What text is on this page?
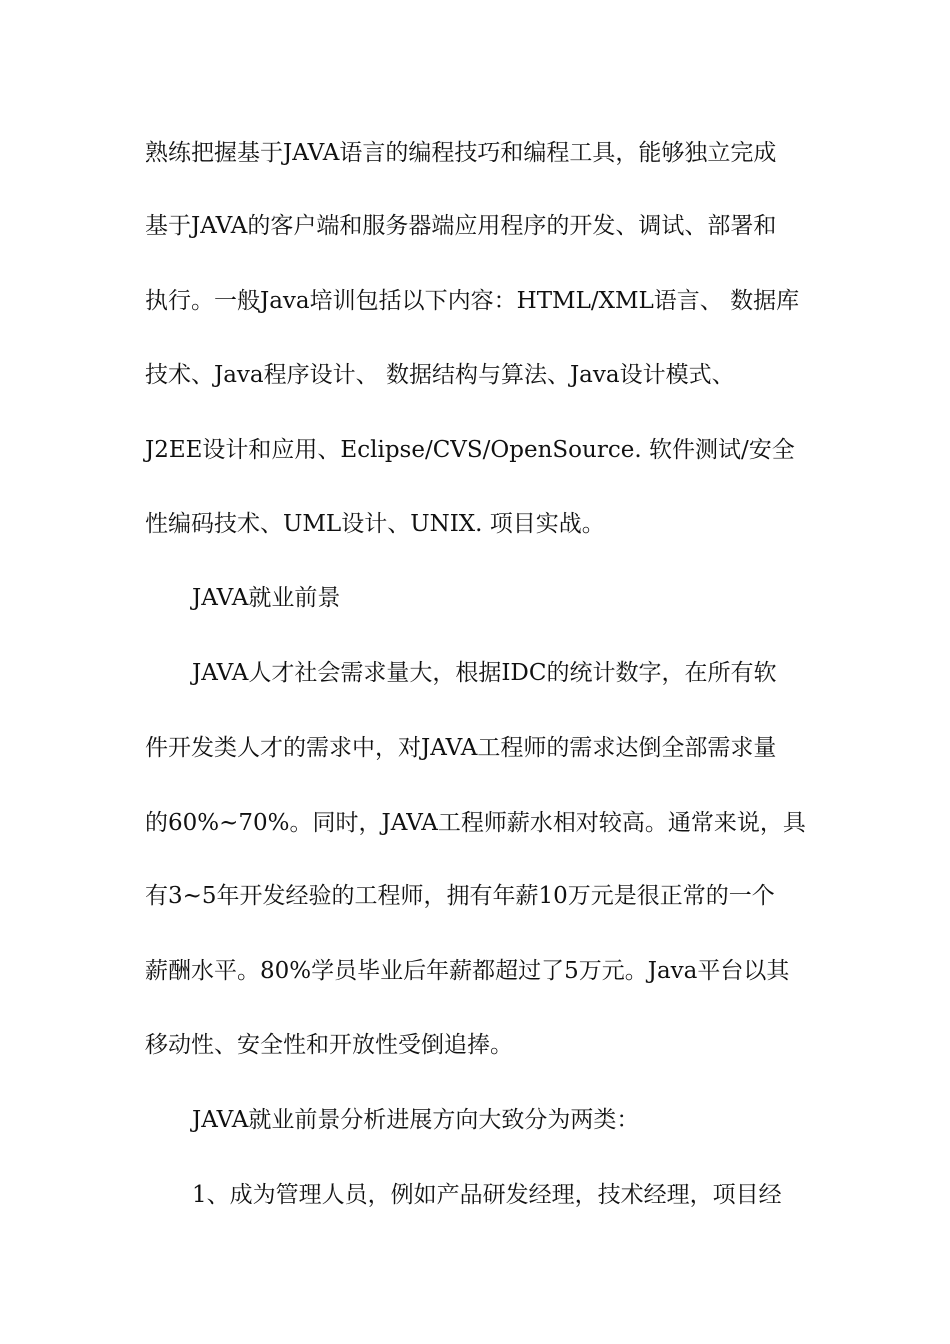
熟练把握基于JAVA语言的编程技巧和编程工具，能够独立完成
基于JAVA的客户端和服务器端应用程序的开发、调试、部署和
执行。一般Java培训包括以下内容：HTML/XML语言、 数据库
技术、Java程序设计、 数据结构与算法、Java设计模式、
J2EE设计和应用、Eclipse/CVS/OpenSource. 软件测试/安全
性编码技术、UML设计、UNIX. 项目实战。
JAVA就业前景
JAVA人才社会需求量大，根据IDC的统计数字，在所有软
件开发类人才的需求中，对JAVA工程师的需求达倒全部需求量
的60%~70%。同时，JAVA工程师薪水相对较高。通常来说，具
有3~5年开发经验的工程师，拥有年薪10万元是很正常的一个
薪酬水平。80%学员毕业后年薪都超过了5万元。Java平台以其
移动性、安全性和开放性受倒追捧。
JAVA就业前景分析进展方向大致分为两类：
1、成为管理人员，例如产品研发经理，技术经理，项目经
